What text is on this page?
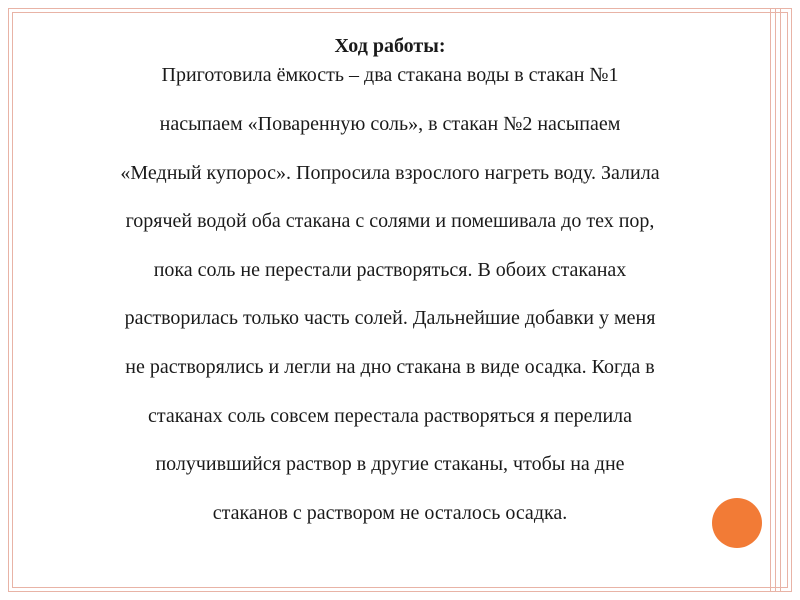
Ход работы:

Приготовила ёмкость – два стакана воды в стакан №1

насыпаем «Поваренную соль», в стакан №2 насыпаем

«Медный купорос». Попросила взрослого нагреть воду. Залила

горячей водой оба стакана с солями и помешивала до тех пор,

пока соль не перестали растворяться. В обоих стаканах

растворилась только часть солей. Дальнейшие добавки у меня

не растворялись и легли на дно стакана в виде осадка. Когда в

стаканах соль совсем перестала растворяться я перелила

получившийся раствор в другие стаканы, чтобы на дне

стаканов с раствором не осталось осадка.
